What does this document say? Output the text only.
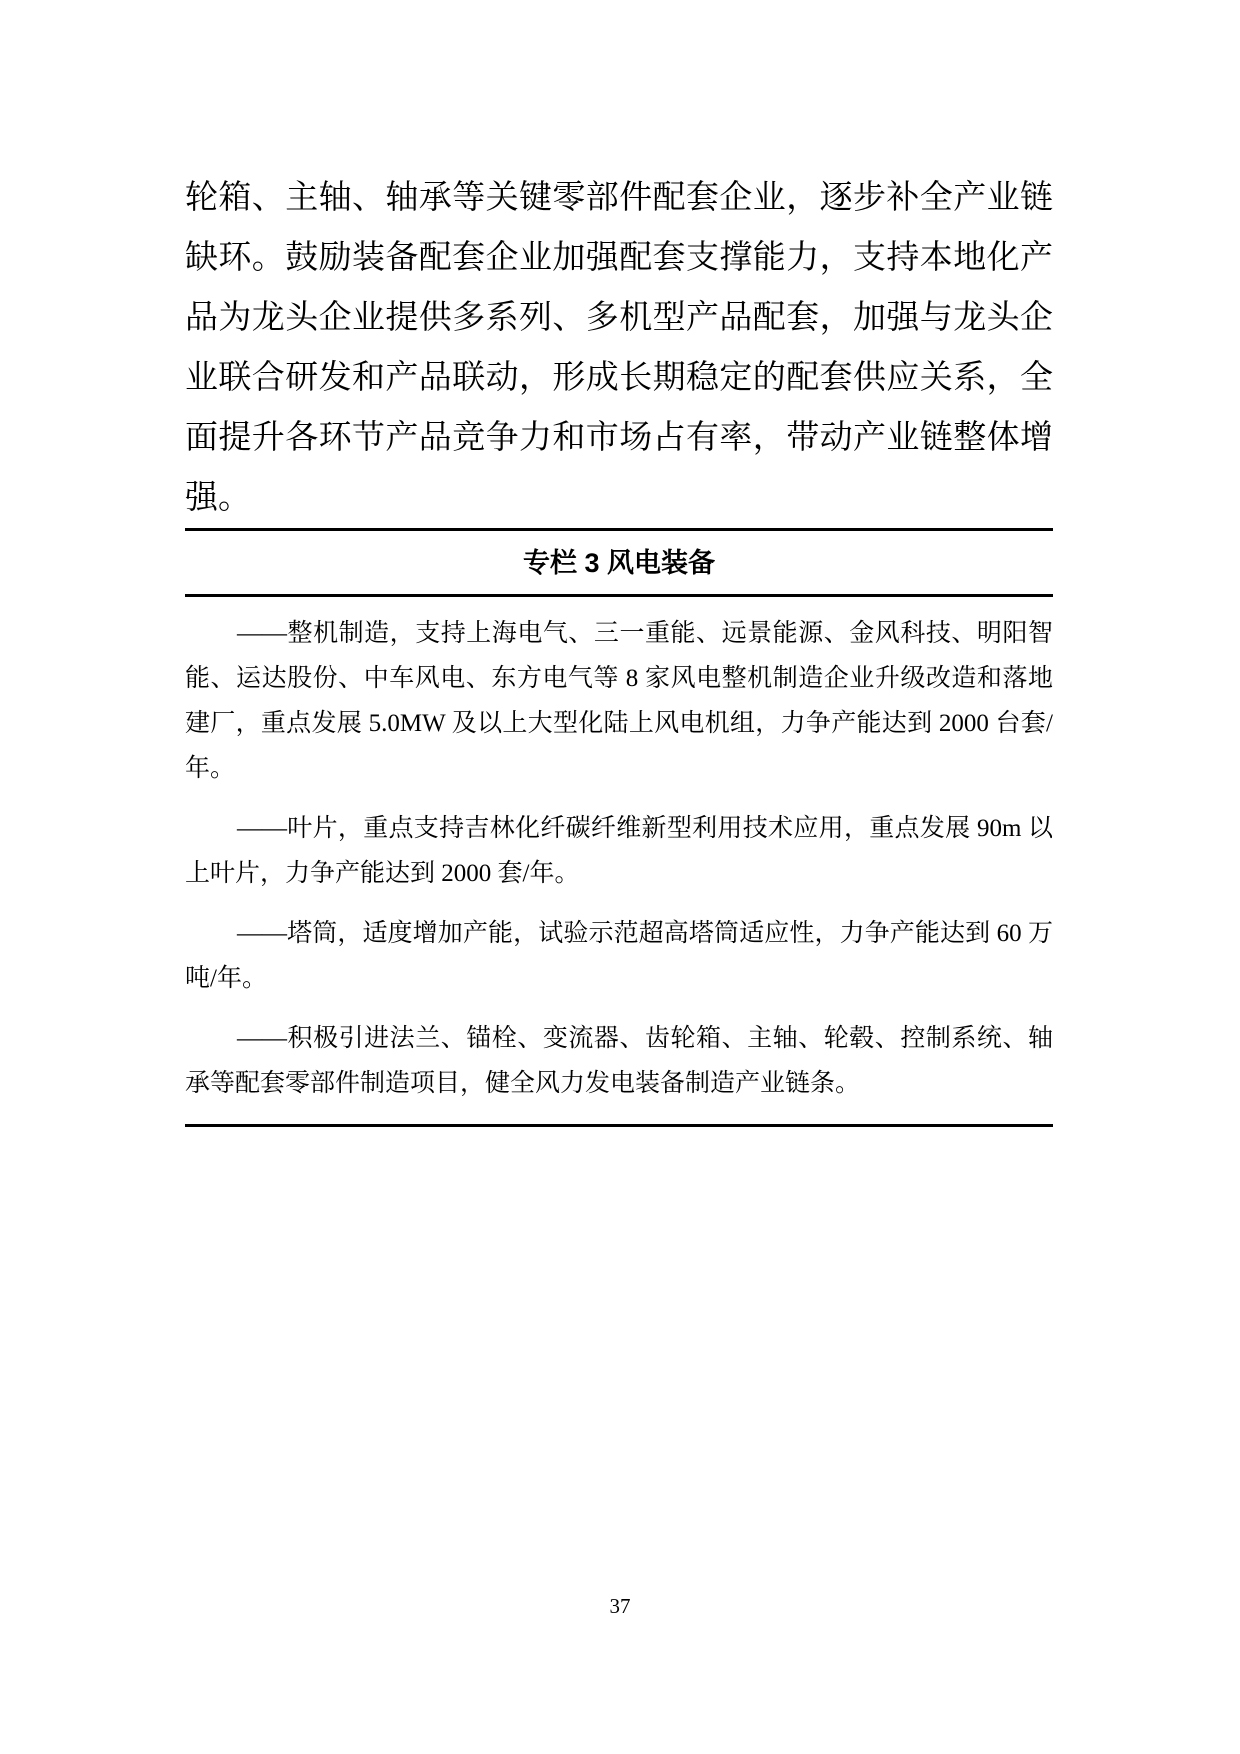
轮箱、主轴、轴承等关键零部件配套企业，逐步补全产业链缺环。鼓励装备配套企业加强配套支撑能力，支持本地化产品为龙头企业提供多系列、多机型产品配套，加强与龙头企业联合研发和产品联动，形成长期稳定的配套供应关系，全面提升各环节产品竞争力和市场占有率，带动产业链整体增强。

专栏 3 风电装备

——整机制造，支持上海电气、三一重能、远景能源、金风科技、明阳智能、运达股份、中车风电、东方电气等 8 家风电整机制造企业升级改造和落地建厂，重点发展 5.0MW 及以上大型化陆上风电机组，力争产能达到 2000 台套/年。

——叶片，重点支持吉林化纤碳纤维新型利用技术应用，重点发展 90m 以上叶片，力争产能达到 2000 套/年。

——塔筒，适度增加产能，试验示范超高塔筒适应性，力争产能达到 60 万吨/年。

——积极引进法兰、锚栓、变流器、齿轮箱、主轴、轮毂、控制系统、轴承等配套零部件制造项目，健全风力发电装备制造产业链条。

37
